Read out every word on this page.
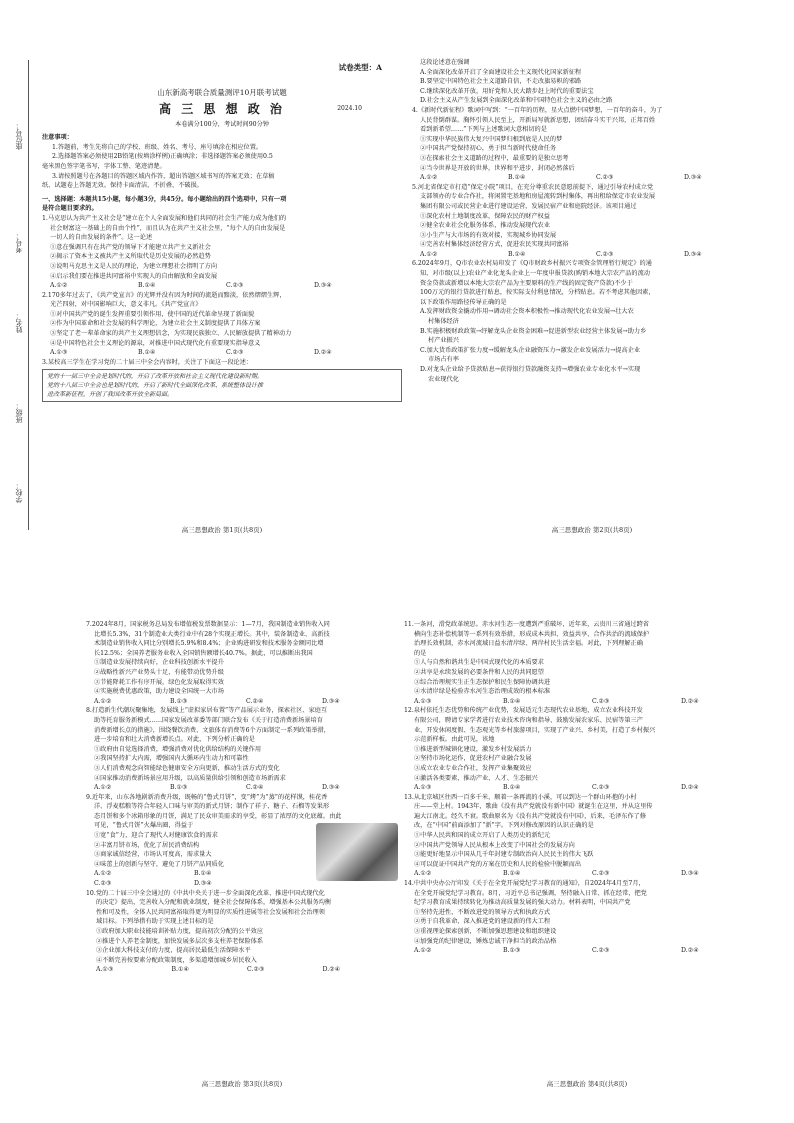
座位号：
考号：
姓名：
班级：
学校：
试卷类型：A

山东新高考联合质量测评10月联考试题

高 三 思 想 政 治	2024.10

本卷满分100分，考试时间90分钟

注意事项：

1.答题前，考生先将自己的学校、班级、姓名、考号、座号填涂在相应位置。

2.选择题答案必须使用2B铅笔(按填涂样例)正确填涂；非选择题答案必须使用0.5

毫米黑色签字笔书写，字体工整、笔迹清楚。

3.请按照题号在各题目的答题区域内作答，超出答题区域书写的答案无效；在草稿

纸、试题卷上答题无效。保持卡面清洁，不折叠、不破损。

一、选择题：本题共15小题，每小题3分，共45分。每小题给出的四个选项中，只有一项

是符合题目要求的。

1.马克思认为共产主义社会是“建立在个人全面发展和他们共同的社会生产能力成为他们的

社会财富这一基础上的自由个性”，而且认为在共产主义社会里，“每个人的自由发展是

一切人的自由发展的条件”。这一论述

①意在强调只有在共产党的领导下才能建立共产主义新社会

②揭示了资本主义被共产主义所取代是历史发展的必然趋势

③说明马克思主义是人民的理论，为建立理想社会指明了方向

④启示我们要在推进共同富裕中实现人的自由解放和全面发展

A.①②	B.①④	C.②③	D.③④

2.170多年过去了，《共产党宣言》的光辉并没有因为时间的流逝而黯淡，依然熠熠生辉，

光芒四射，对中国影响巨大，意义非凡。《共产党宣言》

①对中国共产党的诞生发挥重要引领作用，使中国的近代革命呈现了新面貌

②作为中国革命和社会发展的科学理论，为建立社会主义制度提供了具体方案

③坚定了老一辈革命家的共产主义理想信念，为实现民族独立、人民解放提供了精神动力

④是中国特色社会主义理论的源泉，对推进中国式现代化有重要现实指导意义

A.①③	B.①④	C.②③	D.②④

3.某校高三学生在学习党的二十届三中全会内容时，关注了下面这一段论述：

党的十一届三中全会是划时代的，开启了改革开放和社会主义现代化建设新时期。

党的十八届三中全会也是划时代的，开启了新时代全面深化改革、系统整体设计推

进改革新征程，开创了我国改革开放全新局面。

高三思想政治 第1页(共8页)

这段论述意在强调

A.全面深化改革开启了全面建设社会主义现代化国家新征程

B.要坚定中国特色社会主义道路自信，不走改旗易帜的邪路

C.继续深化改革开放，用好党和人民大踏步赶上时代的重要法宝

D.社会主义从产生发展到全面深化改革和中国特色社会主义的必由之路

4.《新时代新征程》歌词中写到：“一百年的历程，星火点燃中国梦想，一百年的奋斗，为了

人民背倒群谋。胸怀引领人民至上，开新局写就新思想，团结奋斗实干兴邦，正邦百姓

看到新希望……”下列与上述歌词大意相切的是

①实现中华民族伟大复兴中国梦归根到底是人民的梦

②中国共产党保持初心，勇于担当新时代使命任务

③在探索社会主义道路的过程中，最重要的是独立思考

④当今世界是开放的世界，世界和平进步，封闭必然落后

A.①②	B.①④	C.②③	D.③④

5.河北省保定市打造“保定小院”项目，在充分尊重农民意愿前提下，通过引导农村成立党

支部领办的专业合作社，将闲置宅基地和房屋流转到村集体，再出租给保定市农业发展

集团有限公司或民营企业进行建设运营，发展民宿产业和庭院经济。该项目通过

①深化农村土地制度改革，保障农民的财产权益

②健全农业社会化服务体系，推动发展现代农业

③小生产与大市场的有效对接，实现城乡协同发展

④完善农村集体经济经营方式，促进农民实现共同富裕

A.①②	B.①④	C.②③	D.③④

6.2024年9月，Q市农业农村局印发了《Q市财政乡村振兴专项资金管理暂行规定》的通

知，对市级(以上)农业产业化龙头企业上一年度申报贷款(购销本地大宗农产品的流动

资金贷款或新增以本地大宗农产品为主要原料的生产线的固定资产贷款)不少于

100万元的银行贷款进行贴息，按实际支付利息情况，分档贴息。若不考虑其他因素，

以下政策作用路径传导正确的是

A.发挥财政资金撬动作用→调动社会资本积极性→推动现代化农业发展→壮大农

村集体经济

B.实施积极财政政策→纾解龙头企业资金困难→促进新型农业经营主体发展→助力乡

村产业振兴

C.加大货币政策扩张力度→缓解龙头企业融资压力→激发企业发展活力→提高企业

市场占有率

D.对龙头企业给予贷款贴息→获得银行贷款融资支持→增强农业专业化水平→实现

农业现代化

高三思想政治 第2页(共8页)

7.2024年8月，国家税务总局发布增值税发票数据显示：1—7月，我国制造业销售收入同

比增长5.3%，31个制造业大类行业中有28个实现正增长。其中，装备制造业、高新技

术制造业销售收入同比分别增长5.9%和8.4%；企业购进研发和技术服务金额同比增

长12.5%；全国养老服务业收入全国销售额增长40.7%。据此，可以推断出我国

①制造业发展持续向好，企业科技创新水平提升

②战略性新兴产业势头十足，有能带动优势升级

③节能降耗工作有序开展，绿色化发展取得实效

④实施税费优惠政策，助力建设全国统一大市场

A.①②	B.①③	C.②④	D.③④

8.打造新生代潮玩聚集地，发展线上“虚拟家居布置”等产品展示业务，探索社区、家庭互

助等托育服务新模式……国家发展改革委等部门联合发布《关于打造消费新场景培育

消费新增长点的措施》，围绕餐饮消费、文旅体育消费等6个方面制定一系列政策举措，

进一步培育和壮大消费新增长点。对此，下列分析正确的是

①政府由自觉选择消费，增强消费对优化供给结构的关键作用

②我国坚持扩大内需，增强国内大循环内生动力和可靠性

③人们消费观念向智能绿色健康安全方向更新，推动生活方式的变化

④国家推动消费新场景应用升级，以高质量供给引领和创造市场新需求

A.①②	B.①③	C.②④	D.③④

9.近年来，山东各地剧新消费升级，既畅的“鲁式月饼”，变“烤”为“蒸”的花样馍，桂花香

洋、浮麦糕粮等符合年轻人口味与审美的新式月饼；制作了祥子、糖子、石榴等发果形

态月饼和多个冰箱形象的月饼，满足了民众审美需求的享受，彰显了浓厚的文化底蕴。由此

可见，“鲁式月饼”火爆出圈，得益于

①宽“食”力，迎合了现代人对健康饮食的需求

②丰富月饼市场，优化了居民消费结构

③商家诚信经营，市场认可度高，需求量大

④味蕾上的创新与坚守，避免了月饼产品同质化

A.①②	B.①④
C.②③	D.③④

10.党的二十届三中全会通过的《中共中央关于进一步全面深化改革、推进中国式现代化

的决定》提出，完善收入分配和就业制度，健全社会保障体系，增强基本公共服务均衡

性和可及性，全体人民共同富裕取得更为明显的实质性进展等社会发展和社会治理领

域目标。下列举措有助于实现上述目标的是

①政府加大职业技能培训补贴力度，提高初次分配的公平效应

②推进个人养老金制度，加快发展多层次多支柱养老保险体系

③企业加大科技支付的力度，提高居民最低生活保障水平

④不断完善按要素分配政策制度，多渠道增加城乡居民收入

A.①③	B.①④	C.②③	D.②④
高三思想政治 第3页(共8页)

11.一条河，滑党政革统思。赤水河生态一度遭到严重破坏，近年来，云贵川三省通过跨省

横向生态补偿机制等一系列有效举措，形成成本共担、效益共享、合作共治的流域保护

治理长效机制，赤水河流域日益水清岸绿、两岸村民生活幸福。对此，下列理解正确

的是

①人与自然和谐共生是中国式现代化的本质要求

②共享是永续发展的必要条件和人民的共同愿望

③综合治理规实生正生态保护和民生保障协调共进

④水清岸绿是检验赤水河生态治理成效的根本标准

A.①③	B.①④	C.②③	D.②④

12.泉村依托生态优势和传统产业优势，发展适元生态现代农业基地，成立农业科技开发

有限公司，聘请专家学者进行农业技术咨询和指导，鼓励发展农家乐、民宿等第三产

业，开发休闲度假、生态观光等乡村旅游项目，实现了产业兴、乡村美，打造了乡村振兴

示范新样板。由此可见，该地

①推进新型城镇化建设，激发乡村发展活力

②坚持市场化运作，促进农村产业融合发展

③成立农业专业合作社，发挥产业集聚效应

④激活各类要素，推动产业、人才、生态振兴

A.①③	B.①④	C.②③	D.②④

13.从北京城区往西一百多千米，顺着一条再流的小溪，可以到达一个群山环抱的小村

庄——堂上村。1943年，歌曲《没有共产党就没有新中国》就诞生在这里，并从这里传

遍大江南北。经久不衰。歌曲原名为《没有共产党就没有中国》，后来，毛泽东作了修

改，在“中国”前面添加了“新”字。下列对修改原因的认识正确的是

①中华人民共和国的成立开启了人类历史的新纪元

②中国共产党领导人民从根本上改变了中国社会的发展方向

③能更好地显示中国从几千年封建专制政治向人民民主的伟大飞跃

④可以促证中国共产党的方案在历史和人民的检验中脱颖而出

A.①②	B.①④	C.②③	D.③④

14.中共中央办公厅印发《关于在全党开展党纪学习教育的通知》，自2024年4月至7月，

在全党开展党纪学习教育。8月，习近平总书记强调，坚持融入日常、抓在经常，把党

纪学习教育成果持续转化为推动高质量发展的强大动力。材料表明，中国共产党

①坚持先进性，不断改进党的领导方式和执政方式

②勇于自我革命，深入推进党的建设新的伟大工程

③重视理论探索创新，不断加强思想建设和组织建设

④加强党的纪律建设，锤炼忠诚干净担当的政治品格

A.①②	B.①③	C.②③	D.②④
高三思想政治 第4页(共8页)
